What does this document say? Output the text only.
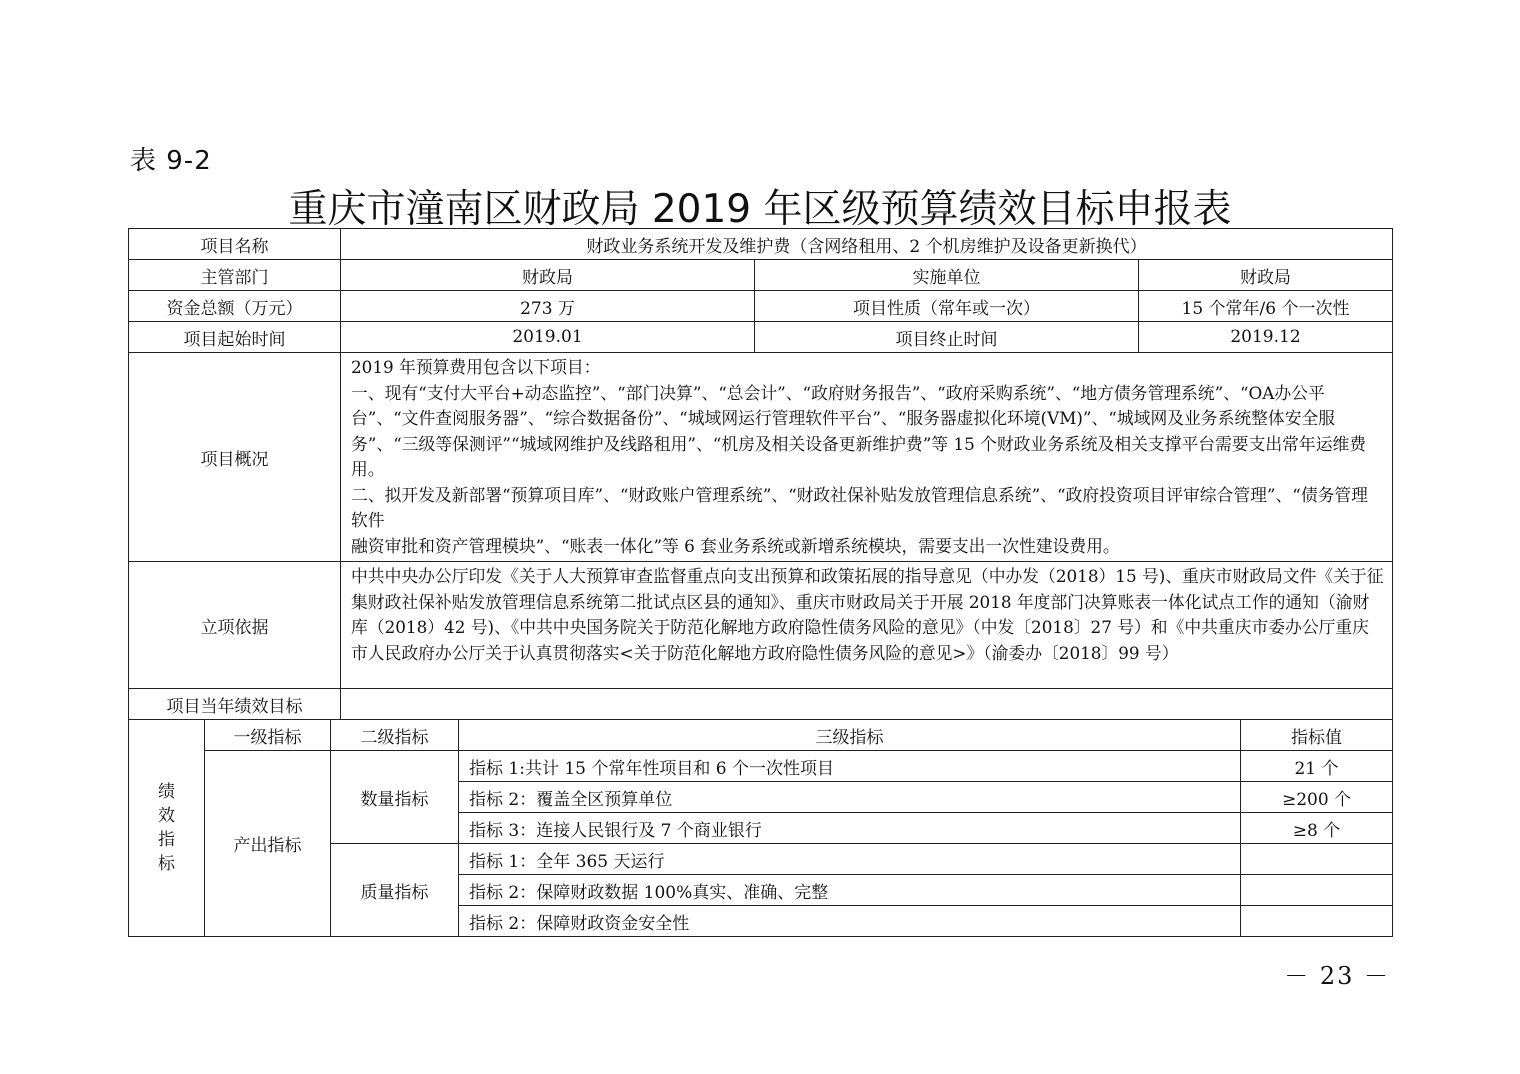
表 9-2
重庆市潼南区财政局 2019 年区级预算绩效目标申报表
项目名称			财政业务系统开发及维护费（含网络租用、2 个机房维护及设备更新换代）				
主管部门			财政局		实施单位	财政局	
资金总额（万元）			273 万		项目性质（常年或一次）	15 个常年/6 个一次性	
项目起始时间			2019.01		项目终止时间	2019.12	
项目概况			2019 年预算费用包含以下项目：
一、现有“支付大平台+动态监控”、“部门决算”、“总会计”、“政府财务报告”、“政府采购系统”、“地方债务管理系统”、“OA办公平台”、“文件查阅服务器”、“综合数据备份”、“城域网运行管理软件平台”、“服务器虚拟化环境(VM)”、“城域网及业务系统整体安全服务”、“三级等保测评”“城域网维护及线路租用”、“机房及相关设备更新维护费”等 15 个财政业务系统及相关支撑平台需要支出常年运维费用。
二、拟开发及新部署“预算项目库”、“财政账户管理系统”、“财政社保补贴发放管理信息系统”、“政府投资项目评审综合管理”、“债务管理软件
融资审批和资产管理模块”、“账表一体化”等 6 套业务系统或新增系统模块，需要支出一次性建设费用。				

立项依据			中共中央办公厅印发《关于人大预算审查监督重点向支出预算和政策拓展的指导意见（中办发（2018）15 号)、重庆市财政局文件《关于征集财政社保补贴发放管理信息系统第二批试点区县的通知》、重庆市财政局关于开展 2018 年度部门决算账表一体化试点工作的通知（渝财库（2018）42 号)、《中共中央国务院关于防范化解地方政府隐性债务风险的意见》（中发〔2018〕27 号）和《中共重庆市委办公厅重庆市人民政府办公厅关于认真贯彻落实<关于防范化解地方政府隐性债务风险的意见>》（渝委办〔2018〕99 号）				
项目当年绩效目标							

绩
效
指
标	一级指标	二级指标		三级指标			指标值
	产出指标	数量指标		指标 1:共计 15 个常年性项目和 6 个一次性项目			21 个
				指标 2：覆盖全区预算单位			≥200 个
				指标 3：连接人民银行及 7 个商业银行			≥8 个
		质量指标		指标 1：全年 365 天运行			
				指标 2：保障财政数据 100%真实、准确、完整			
				指标 2：保障财政资金安全性			
－ 23 －
